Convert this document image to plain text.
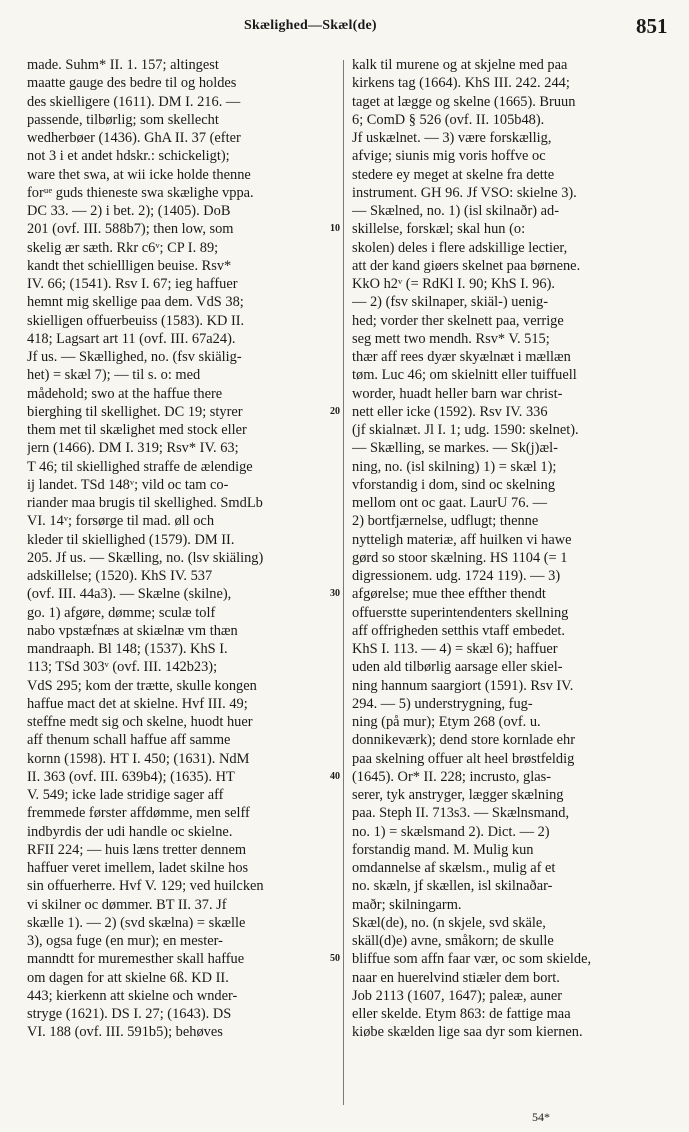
Skælighed—Skæl(de)	851
made. Suhm* II. 1. 157; altingest
maatte gauge des bedre til og holdes
des skielligere (1611). DM I. 216. —
passende, tilbørlig; som skellecht
wedherbøer (1436). GhA II. 37 (efter
not 3 i et andet hdskr.: schickeligt);
ware thet swa, at wii icke holde thenne
forᵘᵉ guds thieneste swa skælighe vppa.
DC 33. — 2) i bet. 2); (1405). DoB
201 (ovf. III. 588b7); then low, som
skelig ær sæth. Rkr c6ᵛ; CP I. 89;
kandt thet schiellligen beuise. Rsv*
IV. 66; (1541). Rsv I. 67; ieg haffuer
hemnt mig skellige paa dem. VdS 38;
skielligen offuerbeuiss (1583). KD II.
418; Lagsart art 11 (ovf. III. 67a24).
Jf us. — Skællighed, no. (fsv skiälig-
het) = skæl 7); — til s. o: med
mådehold; swo at the haffue there
bierghing til skellighet. DC 19; styrer
them met til skælighet med stock eller
jern (1466). DM I. 319; Rsv* IV. 63;
T 46; til skiellighed straffe de ælendige
ij landet. TSd 148ᵛ; vild oc tam co-
riander maa brugis til skellighed. SmdLb
VI. 14ᵛ; forsørge til mad. øll och
kleder til skiellighed (1579). DM II.
205. Jf us. — Skælling, no. (lsv skiäling)
adskillelse; (1520). KhS IV. 537
(ovf. III. 44a3). — Skælne (skilne),
go. 1) afgøre, dømme; sculæ tolf
nabo vpstæfnæs at skiælnæ vm thæn
mandraaph. Bl 148; (1537). KhS I.
113; TSd 303ᵛ (ovf. III. 142b23);
VdS 295; kom der trætte, skulle kongen
haffue mact det at skielne. Hvf III. 49;
steffne medt sig och skelne, huodt huer
aff thenum schall haffue aff samme
kornn (1598). HT I. 450; (1631). NdM
II. 363 (ovf. III. 639b4); (1635). HT
V. 549; icke lade stridige sager aff
fremmede førster affdømme, men selff
indbyrdis der udi handle oc skielne.
RFII 224; — huis læns tretter dennem
haffuer veret imellem, ladet skilne hos
sin offuerherre. Hvf V. 129; ved huilcken
vi skilner oc dømmer. BT II. 37. Jf
skælle 1). — 2) (svd skælna) = skælle
3), ogsa fuge (en mur); en mester-
manndtt for muremesther skall haffue
om dagen for att skielne 6ß. KD II.
443; kierkenn att skielne och wnder-
stryge (1621). DS I. 27; (1643). DS
VI. 188 (ovf. III. 591b5); behøves
10
20
30
40
50
kalk til murene og at skjelne med paa
kirkens tag (1664). KhS III. 242. 244;
taget at lægge og skelne (1665). Bruun
6; ComD § 526 (ovf. II. 105b48).
Jf uskælnet. — 3) være forskællig,
afvige; siunis mig voris hoffve oc
stedere ey meget at skelne fra dette
instrument. GH 96. Jf VSO: skielne 3).
— Skælned, no. 1) (isl skilnaðr) ad-
skillelse, forskæl; skal hun (o:
skolen) deles i flere adskillige lectier,
att der kand giøers skelnet paa børnene.
KkO h2ᵛ (= RdKl I. 90; KhS I. 96).
— 2) (fsv skilnaper, skiäl-) uenig-
hed; vorder ther skelnett paa, verrige
seg mett two mendh. Rsv* V. 515;
thær aff rees dyær skyælnæt i mællæn
tøm. Luc 46; om skielnitt eller tuiffuell
worder, huadt heller barn war christ-
nett eller icke (1592). Rsv IV. 336
(jf skialnæt. Jl I. 1; udg. 1590: skelnet).
— Skælling, se markes. — Sk(j)æl-
ning, no. (isl skilning) 1) = skæl 1);
vforstandig i dom, sind oc skelning
mellom ont oc gaat. LaurU 76. —
2) bortfjærnelse, udflugt; thenne
nytteligh materiæ, aff huilken vi hawe
gørd so stoor skælning. HS 1104 (= 1
digressionem. udg. 1724 119). — 3)
afgørelse; mue thee effther thendt
offuerstte superintendenters skellning
aff offrigheden setthis vtaff embedet.
KhS I. 113. — 4) = skæl 6); haffuer
uden ald tilbørlig aarsage eller skiel-
ning hannum saargiort (1591). Rsv IV.
294. — 5) understrygning, fug-
ning (på mur); Etym 268 (ovf. u.
donnikeværk); dend store kornlade ehr
paa skelning offuer alt heel brøstfeldig
(1645). Or* II. 228; incrusto, glas-
serer, tyk anstryger, lægger skælning
paa. Steph II. 713s3. — Skælnsmand,
no. 1) = skælsmand 2). Dict. — 2)
forstandig mand. M. Mulig kun
omdannelse af skælsm., mulig af et
no. skæln, jf skællen, isl skilnaðar-
maðr; skilningarm.
Skæl(de), no. (n skjele, svd skäle,
skäll(d)e) avne, småkorn; de skulle
bliffue som affn faar vær, oc som skielde,
naar en huerelvind stiæler dem bort.
Job 2113 (1607, 1647); paleæ, auner
eller skelde. Etym 863: de fattige maa
kiøbe skælden lige saa dyr som kiernen.
54*
